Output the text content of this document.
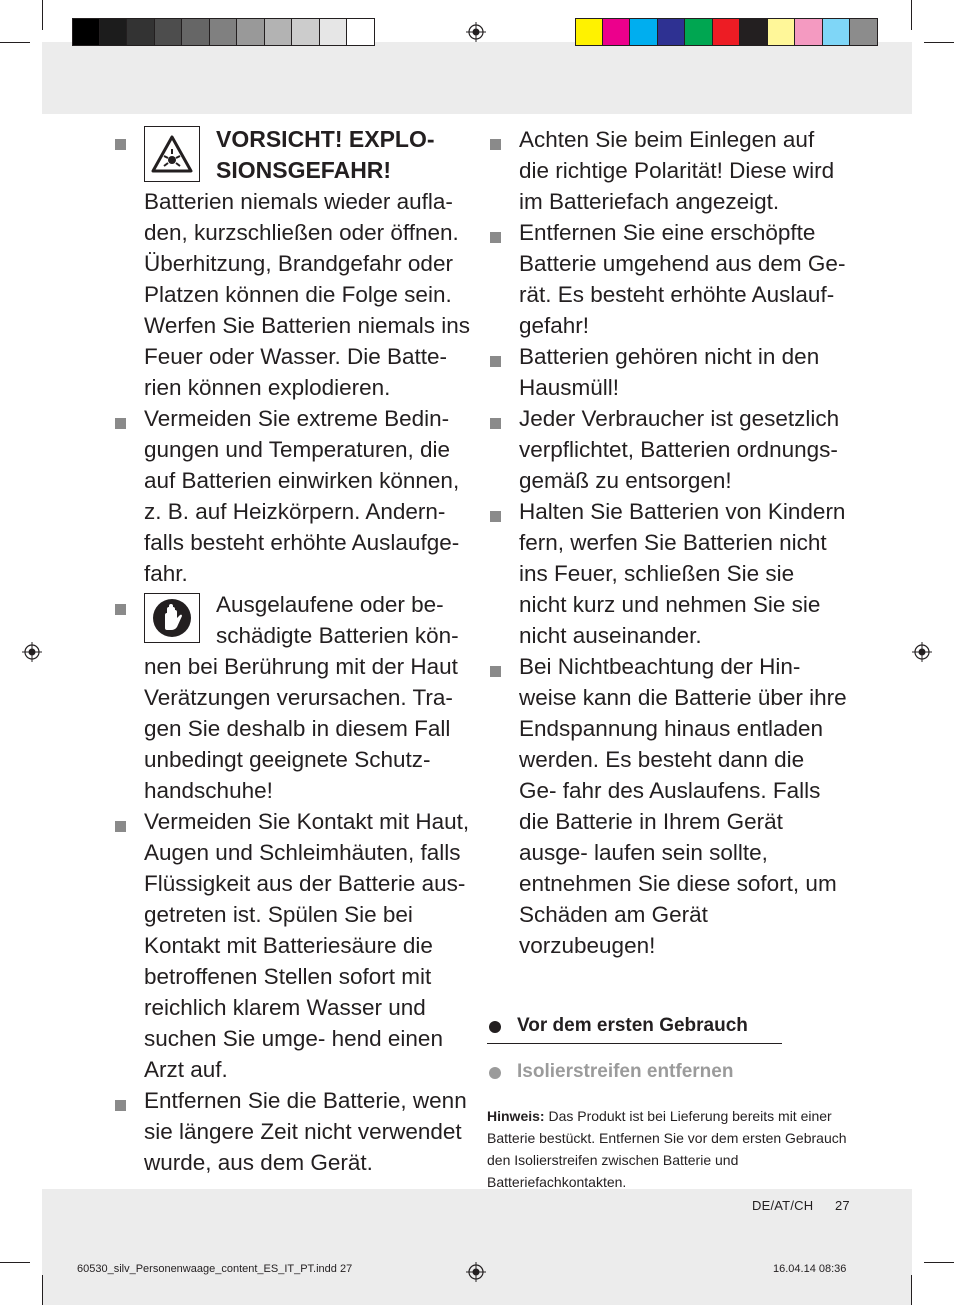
VORSICHT! EXPLO-
SIONSGEFAHR!
Batterien niemals wieder aufla- den, kurzschließen oder öffnen. Überhitzung, Brandgefahr oder Platzen können die Folge sein. Werfen Sie Batterien niemals ins Feuer oder Wasser. Die Batte- rien können explodieren.
Vermeiden Sie extreme Bedin- gungen und Temperaturen, die auf Batterien einwirken können, z. B. auf Heizkörpern. Andern- falls besteht erhöhte Auslaufge- fahr.
Ausgelaufene oder be- schädigte Batterien kön- nen bei Berührung mit der Haut Verätzungen verursachen. Tra- gen Sie deshalb in diesem Fall unbedingt geeignete Schutz- handschuhe!
Vermeiden Sie Kontakt mit Haut, Augen und Schleimhäuten, falls Flüssigkeit aus der Batterie aus- getreten ist. Spülen Sie bei Kontakt mit Batteriesäure die betroffenen Stellen sofort mit reichlich klarem Wasser und suchen Sie umge- hend einen Arzt auf.
Entfernen Sie die Batterie, wenn sie längere Zeit nicht verwendet wurde, aus dem Gerät.
Achten Sie beim Einlegen auf die richtige Polarität! Diese wird im Batteriefach angezeigt.
Entfernen Sie eine erschöpfte Batterie umgehend aus dem Ge- rät. Es besteht erhöhte Auslauf- gefahr!
Batterien gehören nicht in den Hausmüll!
Jeder Verbraucher ist gesetzlich verpflichtet, Batterien ordnungs- gemäß zu entsorgen!
Halten Sie Batterien von Kindern fern, werfen Sie Batterien nicht ins Feuer, schließen Sie sie nicht kurz und nehmen Sie sie nicht auseinander.
Bei Nichtbeachtung der Hin- weise kann die Batterie über ihre Endspannung hinaus entladen werden. Es besteht dann die Ge- fahr des Auslaufens. Falls die Batterie in Ihrem Gerät ausge- laufen sein sollte, entnehmen Sie diese sofort, um Schäden am Gerät vorzubeugen!
Vor dem ersten Gebrauch
Isolierstreifen entfernen
Hinweis: Das Produkt ist bei Lieferung bereits mit einer Batterie bestückt. Entfernen Sie vor dem ersten Gebrauch den Isolierstreifen zwischen Batterie und Batteriefachkontakten.
DE/AT/CH 27
60530_silv_Personenwaage_content_ES_IT_PT.indd 27	16.04.14 08:36
